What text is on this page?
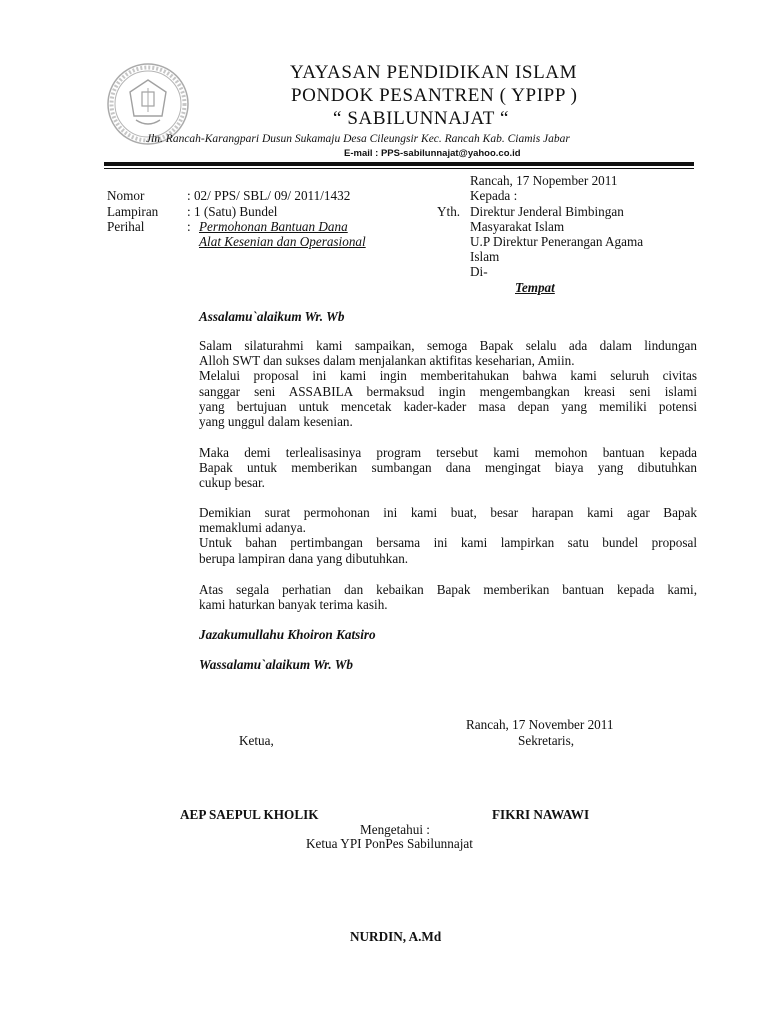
YAYASAN PENDIDIKAN ISLAM
PONDOK PESANTREN ( YPIPP )
“ SABILUNNAJAT “
Jln. Rancah-Karangpari Dusun Sukamaju Desa Cileungsir Kec. Rancah Kab. Ciamis Jabar
E-mail : PPS-sabilunnajat@yahoo.co.id
Rancah, 17 Nopember 2011
Kepada :
Yth. Direktur Jenderal Bimbingan
Masyarakat Islam
U.P Direktur Penerangan Agama
Islam
Di-
Tempat
Nomor	: 02/ PPS/ SBL/ 09/ 2011/1432
Lampiran : 1 (Satu) Bundel
Perihal	: Permohonan Bantuan Dana
Alat Kesenian dan Operasional
Assalamu`alaikum Wr. Wb

Salam silaturahmi kami sampaikan, semoga Bapak selalu ada dalam lindungan

Alloh SWT dan sukses dalam menjalankan aktifitas keseharian, Amiin.

Melalui proposal ini kami ingin memberitahukan bahwa kami seluruh civitas

sanggar seni ASSABILA bermaksud ingin mengembangkan kreasi seni islami

yang bertujuan untuk mencetak kader-kader masa depan yang memiliki potensi

yang unggul dalam kesenian.

Maka demi terlealisasinya program tersebut kami memohon bantuan kepada

Bapak untuk memberikan sumbangan dana mengingat biaya yang dibutuhkan

cukup besar.

Demikian surat permohonan ini kami buat, besar harapan kami agar Bapak

memaklumi adanya.

Untuk bahan pertimbangan bersama ini kami lampirkan satu bundel proposal

berupa lampiran dana yang dibutuhkan.

Atas segala perhatian dan kebaikan Bapak memberikan bantuan kepada kami,

kami haturkan banyak terima kasih.

Jazakumullahu Khoiron Katsiro
Wassalamu`alaikum Wr. Wb
Rancah, 17 November 2011
Ketua,	Sekretaris,
AEP SAEPUL KHOLIK	FIKRI NAWAWI
Mengetahui :
Ketua YPI PonPes Sabilunnajat
NURDIN, A.Md
